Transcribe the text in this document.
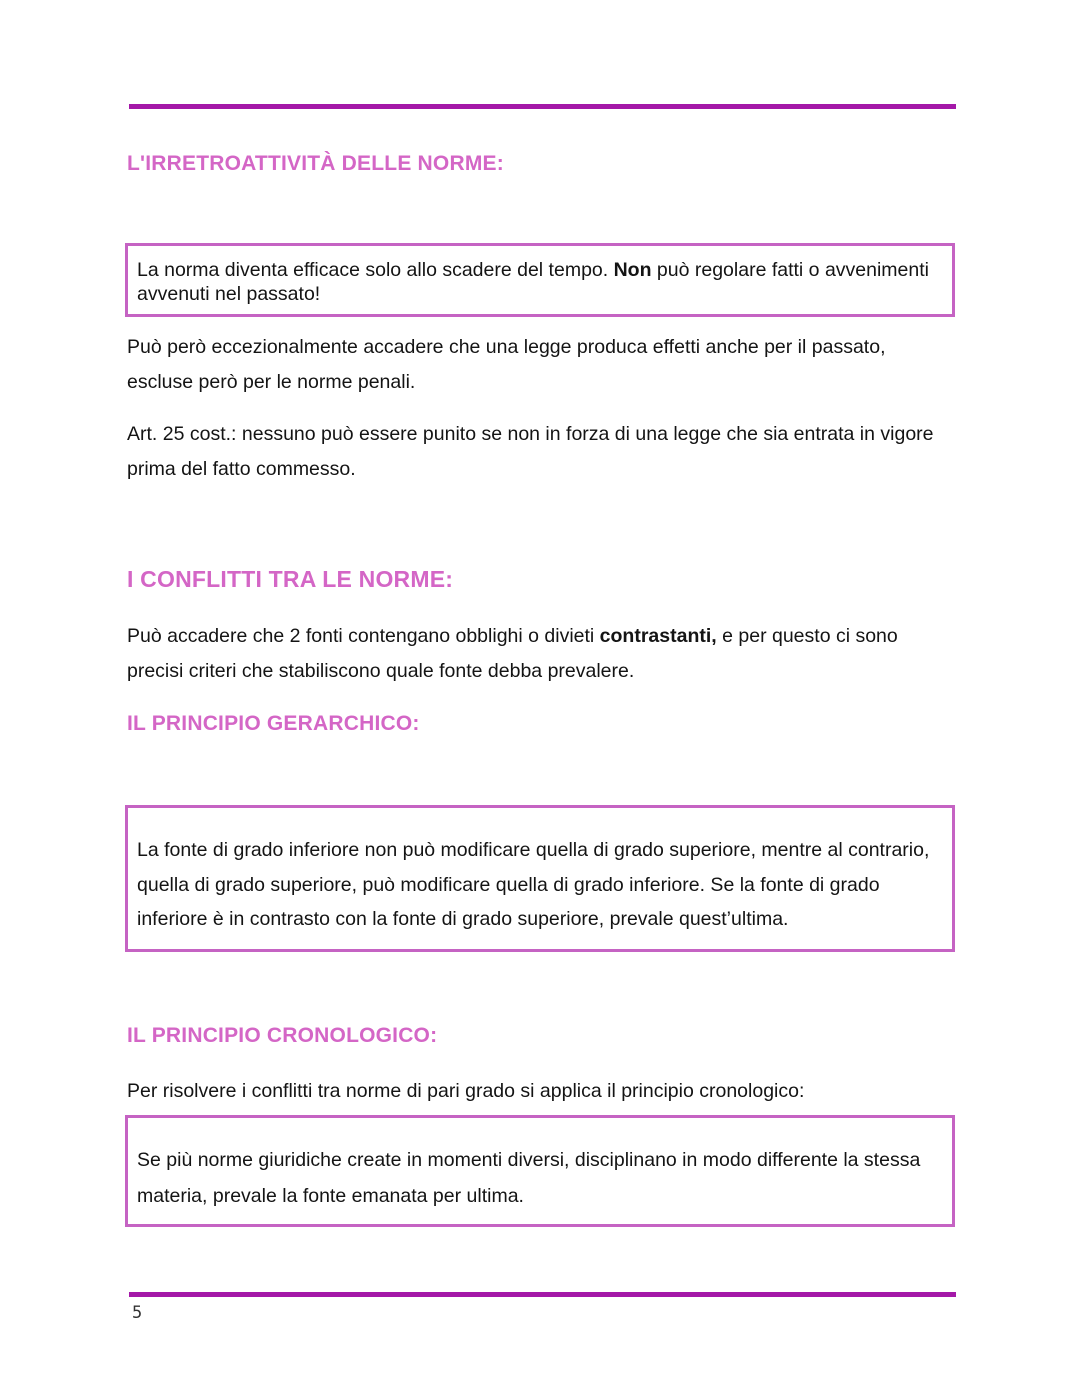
L'IRRETROATTIVITÀ DELLE NORME:

La norma diventa efficace solo allo scadere del tempo. Non può regolare fatti o avvenimenti avvenuti nel passato!

Può però eccezionalmente accadere che una legge produca effetti anche per il passato, escluse però per le norme penali.

Art. 25 cost.: nessuno può essere punito se non in forza di una legge che sia entrata in vigore prima del fatto commesso.

I CONFLITTI TRA LE NORME:

Può accadere che 2 fonti contengano obblighi o divieti contrastanti, e per questo ci sono precisi criteri che stabiliscono quale fonte debba prevalere.

IL PRINCIPIO GERARCHICO:

La fonte di grado inferiore non può modificare quella di grado superiore, mentre al contrario, quella di grado superiore, può modificare quella di grado inferiore. Se la fonte di grado inferiore è in contrasto con la fonte di grado superiore, prevale quest’ultima.

IL PRINCIPIO CRONOLOGICO:

Per risolvere i conflitti tra norme di pari grado si applica il principio cronologico:

Se più norme giuridiche create in momenti diversi, disciplinano in modo differente la stessa materia, prevale la fonte emanata per ultima.

5
